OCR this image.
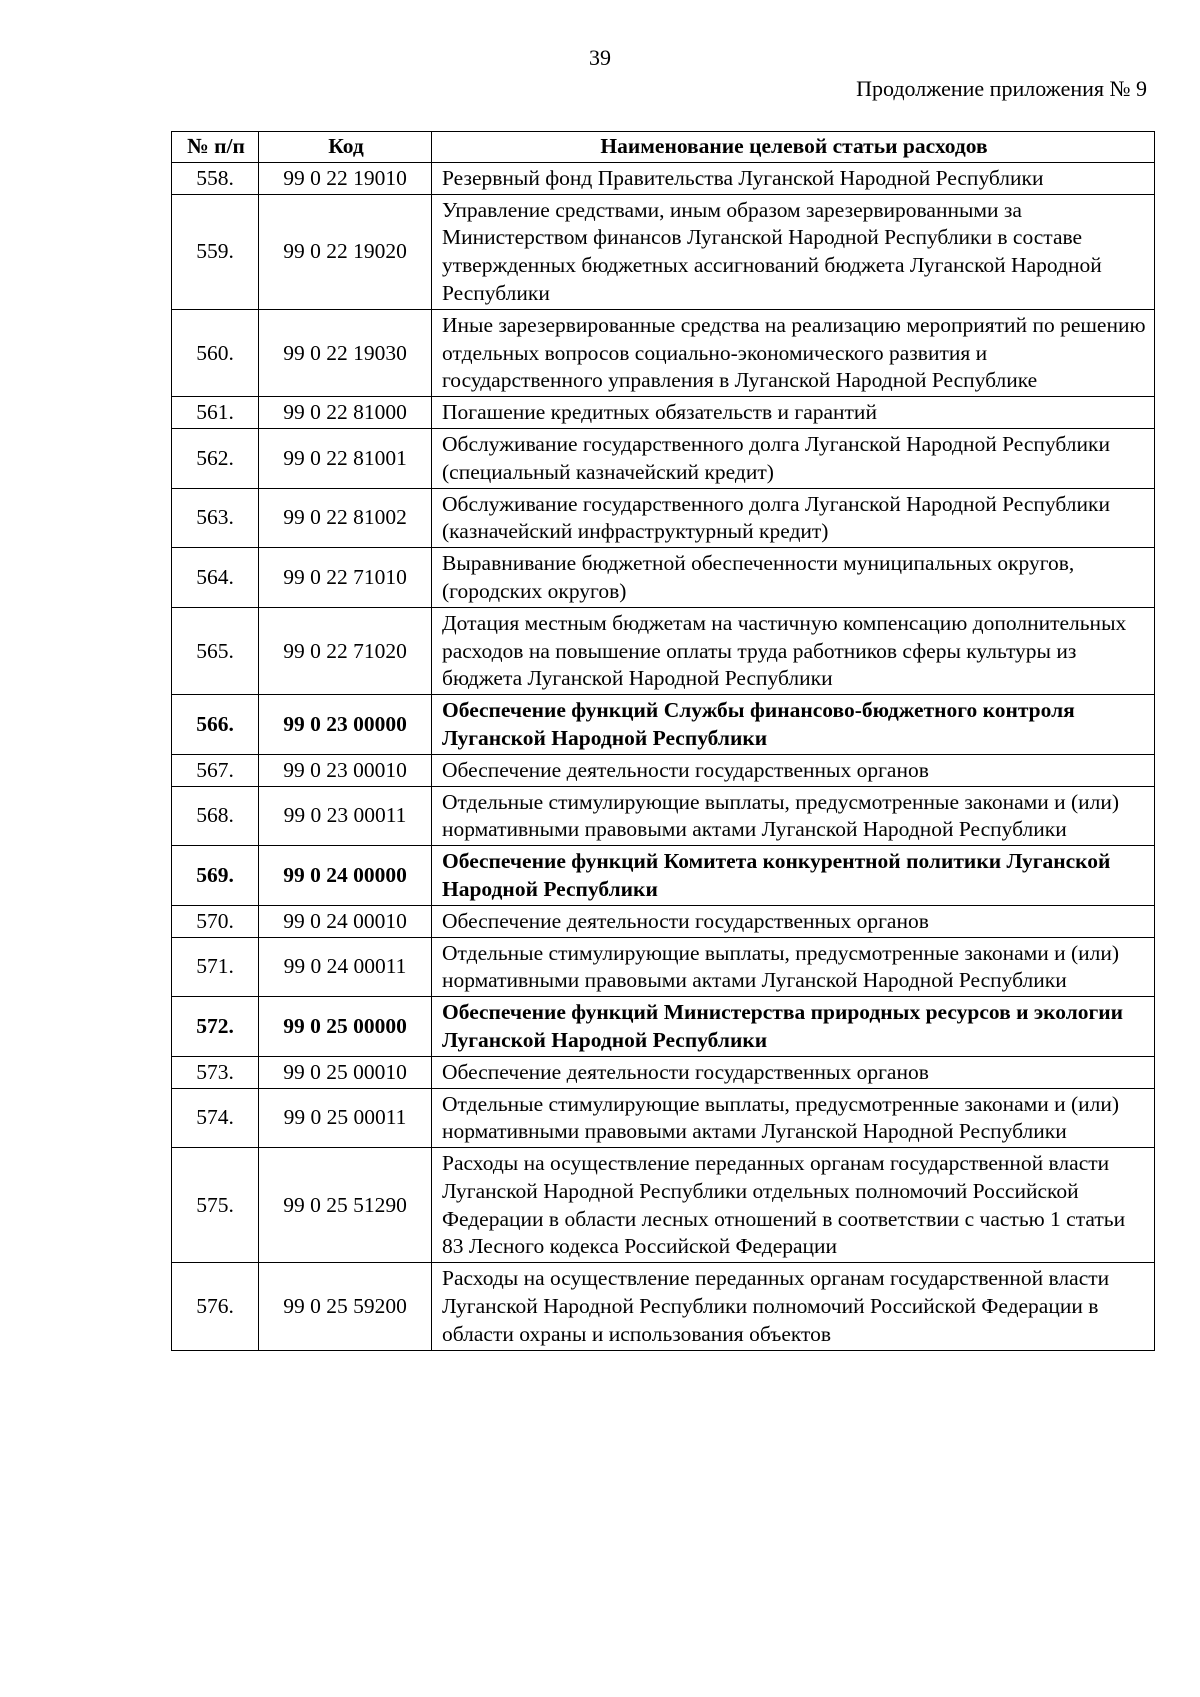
39
Продолжение приложения № 9
№ п/п	Код	Наименование целевой статьи расходов
558.	99 0 22 19010	Резервный фонд Правительства Луганской Народной Республики
559.	99 0 22 19020	Управление средствами, иным образом зарезервированными за Министерством финансов Луганской Народной Республики в составе утвержденных бюджетных ассигнований бюджета Луганской Народной Республики
560.	99 0 22 19030	Иные зарезервированные средства на реализацию мероприятий по решению отдельных вопросов социально-экономического развития и государственного управления в Луганской Народной Республике
561.	99 0 22 81000	Погашение кредитных обязательств и гарантий
562.	99 0 22 81001	Обслуживание государственного долга Луганской Народной Республики (специальный казначейский кредит)
563.	99 0 22 81002	Обслуживание государственного долга Луганской Народной Республики (казначейский инфраструктурный кредит)
564.	99 0 22 71010	Выравнивание бюджетной обеспеченности муниципальных округов, (городских округов)
565.	99 0 22 71020	Дотация местным бюджетам на частичную компенсацию дополнительных расходов на повышение оплаты труда работников сферы культуры из бюджета Луганской Народной Республики
566.	99 0 23 00000	Обеспечение функций Службы финансово-бюджетного контроля Луганской Народной Республики
567.	99 0 23 00010	Обеспечение деятельности государственных органов
568.	99 0 23 00011	Отдельные стимулирующие выплаты, предусмотренные законами и (или) нормативными правовыми актами Луганской Народной Республики
569.	99 0 24 00000	Обеспечение функций Комитета конкурентной политики Луганской Народной Республики
570.	99 0 24 00010	Обеспечение деятельности государственных органов
571.	99 0 24 00011	Отдельные стимулирующие выплаты, предусмотренные законами и (или) нормативными правовыми актами Луганской Народной Республики
572.	99 0 25 00000	Обеспечение функций Министерства природных ресурсов и экологии Луганской Народной Республики
573.	99 0 25 00010	Обеспечение деятельности государственных органов
574.	99 0 25 00011	Отдельные стимулирующие выплаты, предусмотренные законами и (или) нормативными правовыми актами Луганской Народной Республики
575.	99 0 25 51290	Расходы на осуществление переданных органам государственной власти Луганской Народной Республики отдельных полномочий Российской Федерации в области лесных отношений в соответствии с частью 1 статьи 83 Лесного кодекса Российской Федерации
576.	99 0 25 59200	Расходы на осуществление переданных органам государственной власти Луганской Народной Республики полномочий Российской Федерации в области охраны и использования объектов
